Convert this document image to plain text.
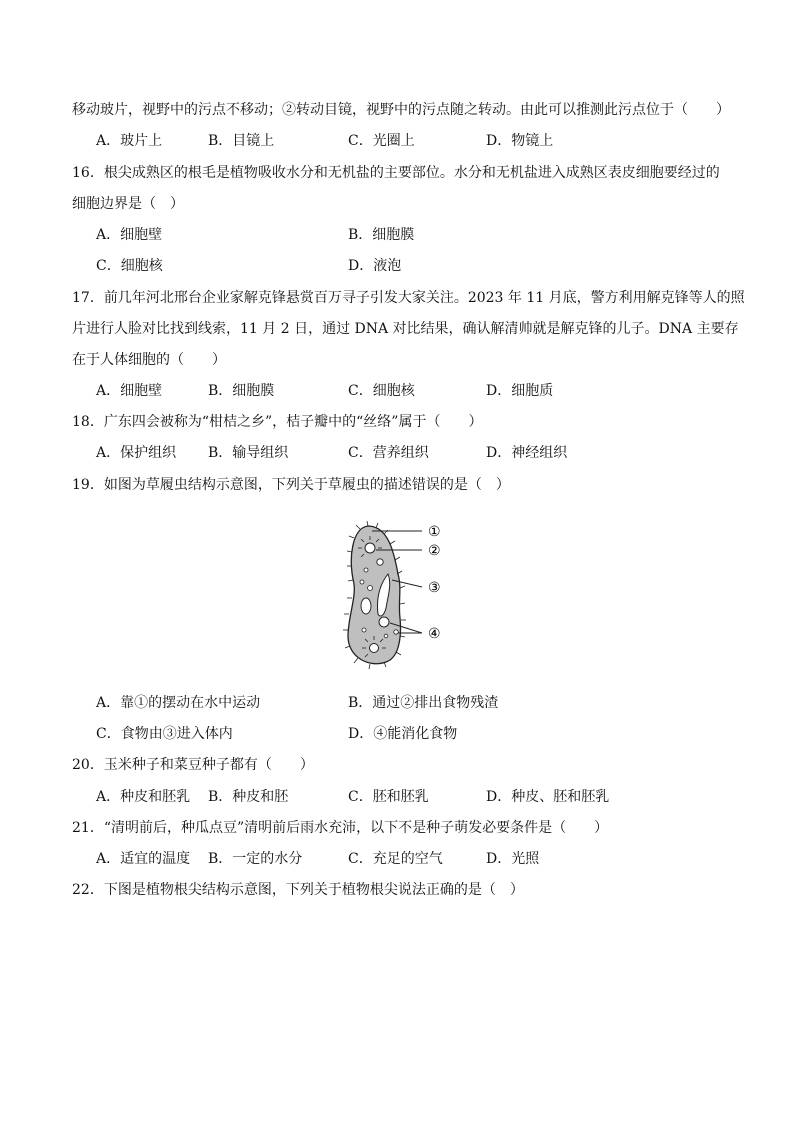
移动玻片，视野中的污点不移动；②转动目镜，视野中的污点随之转动。由此可以推测此污点位于（　　）
A．玻片上	B．目镜上	C．光圈上	D．物镜上
16．根尖成熟区的根毛是植物吸收水分和无机盐的主要部位。水分和无机盐进入成熟区表皮细胞要经过的
细胞边界是（　）
A．细胞壁	B．细胞膜
C．细胞核	D．液泡
17．前几年河北邢台企业家解克锋悬赏百万寻子引发大家关注。2023 年 11 月底，警方利用解克锋等人的照
片进行人脸对比找到线索，11 月 2 日，通过 DNA 对比结果，确认解清帅就是解克锋的儿子。DNA 主要存
在于人体细胞的（　　）
A．细胞壁	B．细胞膜	C．细胞核	D．细胞质
18．广东四会被称为“柑桔之乡”，桔子瓣中的“丝络”属于（　　）
A．保护组织 B．输导组织	C．营养组织	D．神经组织
19．如图为草履虫结构示意图，下列关于草履虫的描述错误的是（　）
①
②
③
④
A．靠①的摆动在水中运动	B．通过②排出食物残渣
C．食物由③进入体内	D．④能消化食物
20．玉米种子和菜豆种子都有（　　）
A．种皮和胚乳 B．种皮和胚	C．胚和胚乳	D．种皮、胚和胚乳
21．“清明前后，种瓜点豆”清明前后雨水充沛，以下不是种子萌发必要条件是（　　）
A．适宜的温度 B．一定的水分	C．充足的空气	D．光照
22．下图是植物根尖结构示意图，下列关于植物根尖说法正确的是（　）
